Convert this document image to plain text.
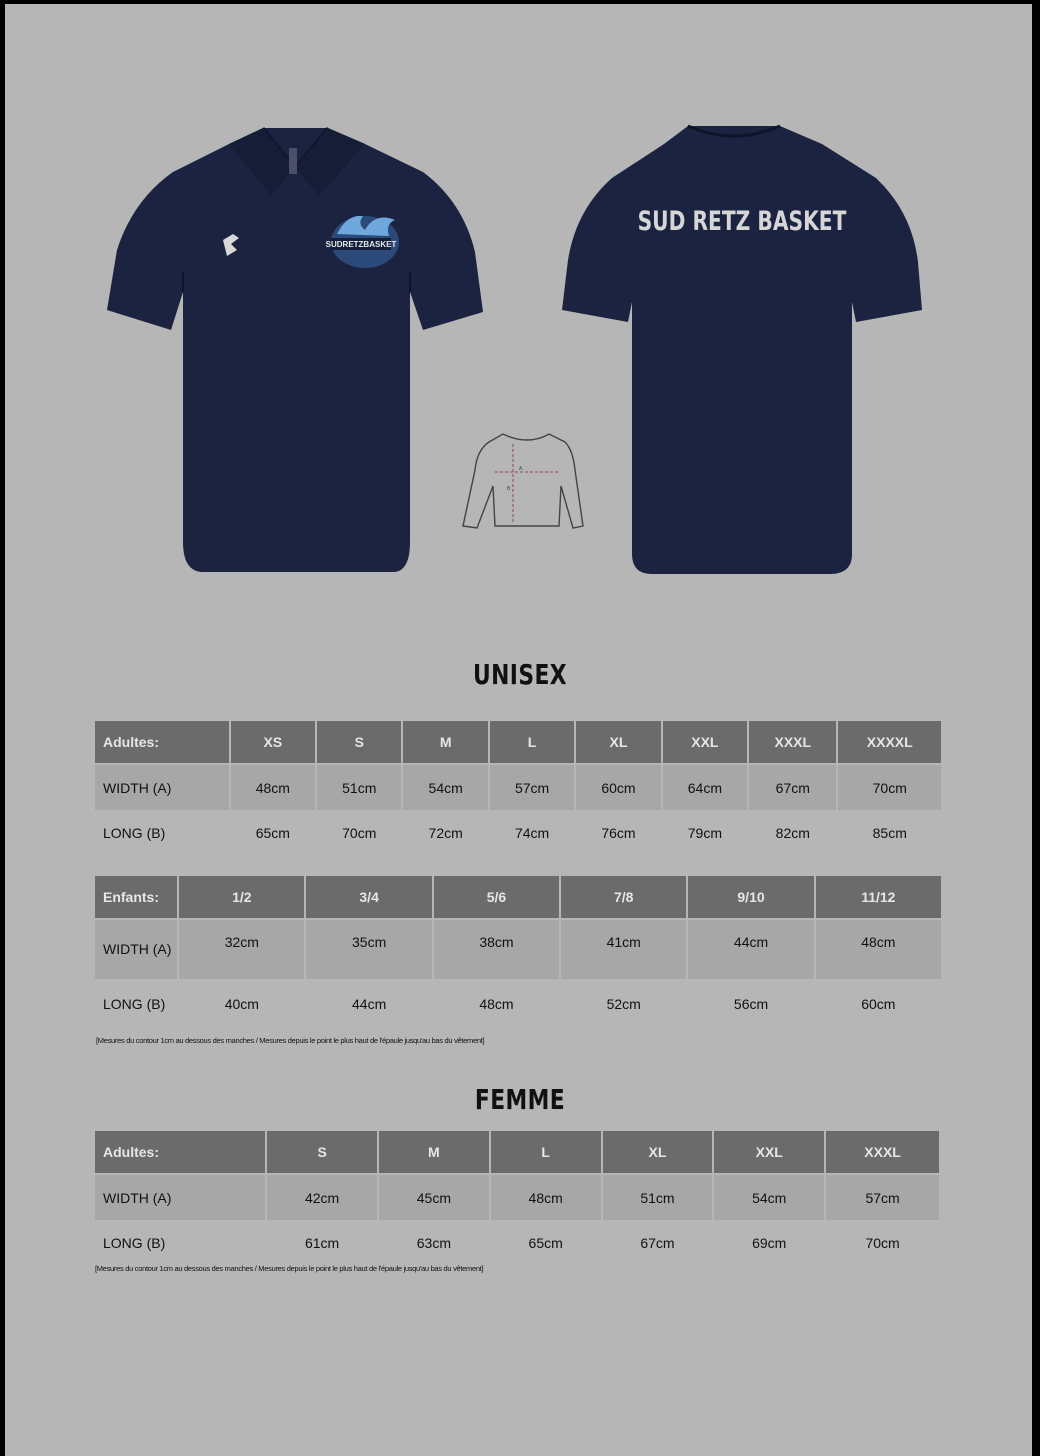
SUDRETZBASKET
SUD RETZ BASKET
A
B
UNISEX
Adultes:	XS	S	M	L	XL	XXL	XXXL	XXXXL

WIDTH (A)	48cm	51cm	54cm	57cm	60cm	64cm	67cm	70cm
LONG (B)	65cm	70cm	72cm	74cm	76cm	79cm	82cm	85cm
Enfants:	1/2	3/4	5/6	7/8	9/10	11/12

WIDTH (A)	32cm	35cm	38cm	41cm	44cm	48cm
LONG (B)	40cm	44cm	48cm	52cm	56cm	60cm
[Mesures du contour 1cm au dessous des manches / Mesures depuis le point le plus haut de l'épaule jusqu'au bas du vêtement]
FEMME
Adultes:	S	M	L	XL	XXL	XXXL

WIDTH (A)	42cm	45cm	48cm	51cm	54cm	57cm
LONG (B)	61cm	63cm	65cm	67cm	69cm	70cm
[Mesures du contour 1cm au dessous des manches / Mesures depuis le point le plus haut de l'épaule jusqu'au bas du vêtement]
